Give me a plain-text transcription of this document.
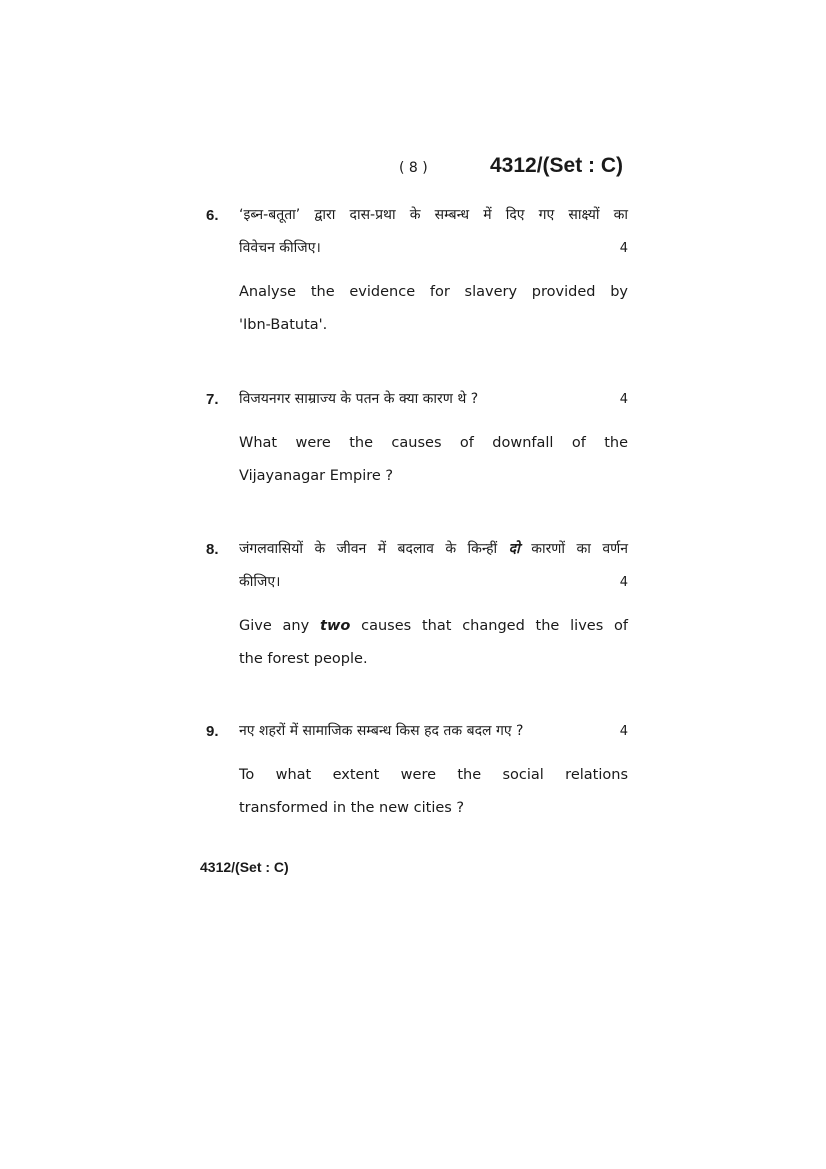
( 8 )	4312/(Set : C)
6. ‘इब्न-बतूता’ द्वारा दास-प्रथा के सम्बन्ध में दिए गए साक्ष्यों का
विवेचन कीजिए।	4
Analyse the evidence for slavery provided by
'Ibn-Batuta'.
7. विजयनगर साम्राज्य के पतन के क्या कारण थे ?	4
What were the causes of downfall of the
Vijayanagar Empire ?
8. जंगलवासियों के जीवन में बदलाव के किन्हीं दो कारणों का वर्णन
कीजिए।	4
Give any two causes that changed the lives of
the forest people.
9. नए शहरों में सामाजिक सम्बन्ध किस हद तक बदल गए ?	4
To what extent were the social relations
transformed in the new cities ?
4312/(Set : C)
